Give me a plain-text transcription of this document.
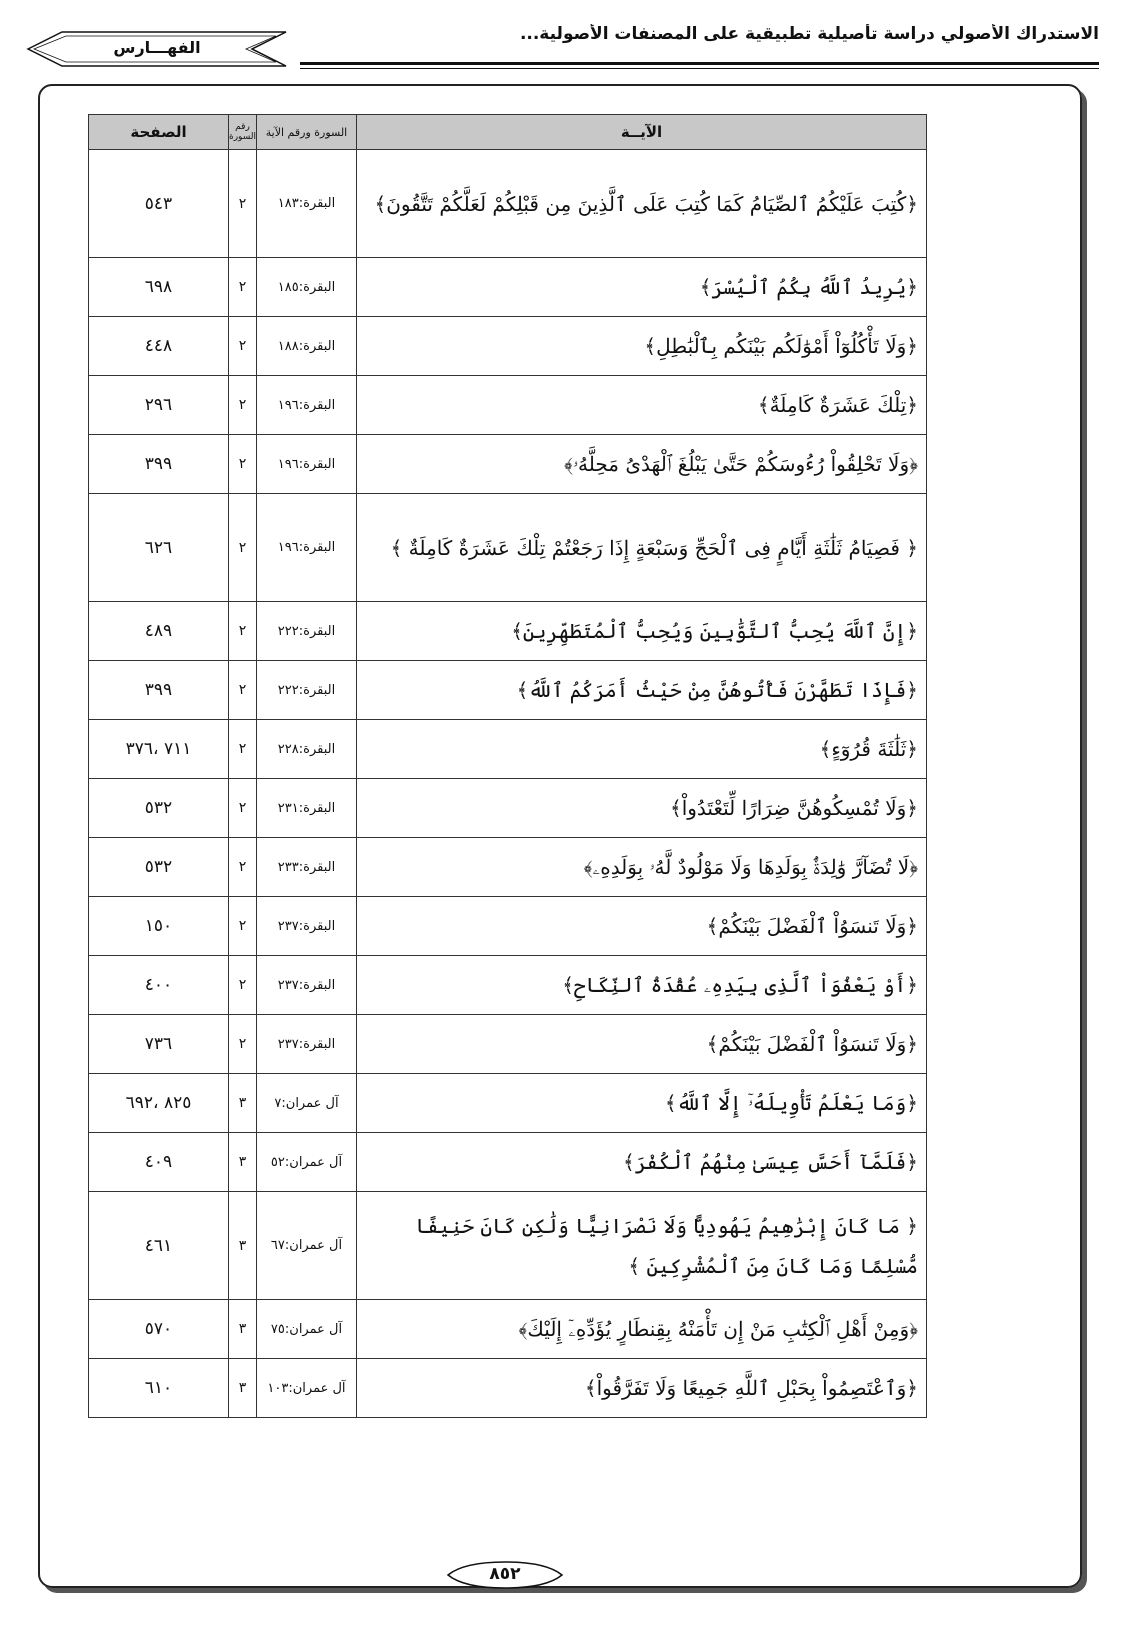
الاستدراك الأصولي دراسة تأصيلية تطبيقية على المصنفات الأصولية...
الفهـــارس
الآيــة	السورة ورقم الآية	رقم السورة	الصفحة
﴿كُتِبَ عَلَيْكُمُ ٱلصِّيَامُ كَمَا كُتِبَ عَلَى ٱلَّذِينَ مِن قَبْلِكُمْ لَعَلَّكُمْ تَتَّقُونَ﴾	البقرة:١٨٣	٢	٥٤٣
﴿يُرِيدُ ٱللَّهُ بِكُمُ ٱلْيُسْرَ﴾	البقرة:١٨٥	٢	٦٩٨
﴿وَلَا تَأْكُلُوٓاْ أَمْوَٰلَكُم بَيْنَكُم بِٱلْبَٰطِلِ﴾	البقرة:١٨٨	٢	٤٤٨
﴿تِلْكَ عَشَرَةٌ كَامِلَةٌ﴾	البقرة:١٩٦	٢	٢٩٦
﴿وَلَا تَحْلِقُواْ رُءُوسَكُمْ حَتَّىٰ يَبْلُغَ ٱلْهَدْىُ مَحِلَّهُۥ﴾	البقرة:١٩٦	٢	٣٩٩
﴿ فَصِيَامُ ثَلَٰثَةِ أَيَّامٍ فِى ٱلْحَجِّ وَسَبْعَةٍ إِذَا رَجَعْتُمْ تِلْكَ عَشَرَةٌ كَامِلَةٌ ﴾	البقرة:١٩٦	٢	٦٢٦
﴿إِنَّ ٱللَّهَ يُحِبُّ ٱلتَّوَّٰبِينَ وَيُحِبُّ ٱلْمُتَطَهِّرِينَ﴾	البقرة:٢٢٢	٢	٤٨٩
﴿فَإِذَا تَطَهَّرْنَ فَأْتُوهُنَّ مِنْ حَيْثُ أَمَرَكُمُ ٱللَّهُ﴾	البقرة:٢٢٢	٢	٣٩٩
﴿ثَلَٰثَةَ قُرُوٓءٍ﴾	البقرة:٢٢٨	٢	٧١١ ،٣٧٦
﴿وَلَا تُمْسِكُوهُنَّ ضِرَارًا لِّتَعْتَدُواْ﴾	البقرة:٢٣١	٢	٥٣٢
﴿لَا تُضَآرَّ وَٰلِدَةٌۢ بِوَلَدِهَا وَلَا مَوْلُودٌ لَّهُۥ بِوَلَدِهِۦ﴾	البقرة:٢٣٣	٢	٥٣٢
﴿وَلَا تَنسَوُاْ ٱلْفَضْلَ بَيْنَكُمْ﴾	البقرة:٢٣٧	٢	١٥٠
﴿أَوْ يَعْفُوَاْ ٱلَّذِى بِيَدِهِۦ عُقْدَةُ ٱلنِّكَاحِ﴾	البقرة:٢٣٧	٢	٤٠٠
﴿وَلَا تَنسَوُاْ ٱلْفَضْلَ بَيْنَكُمْ﴾	البقرة:٢٣٧	٢	٧٣٦
﴿وَمَا يَعْلَمُ تَأْوِيلَهُۥٓ إِلَّا ٱللَّهُ﴾	آل عمران:٧	٣	٨٢٥ ،٦٩٢
﴿فَلَمَّآ أَحَسَّ عِيسَىٰ مِنْهُمُ ٱلْكُفْرَ﴾	آل عمران:٥٢	٣	٤٠٩
﴿ مَا كَانَ إِبْرَٰهِيمُ يَهُودِيًّا وَلَا نَصْرَانِيًّا وَلَٰكِن كَانَ حَنِيفًا مُّسْلِمًا وَمَا كَانَ مِنَ ٱلْمُشْرِكِينَ ﴾	آل عمران:٦٧	٣	٤٦١
﴿وَمِنْ أَهْلِ ٱلْكِتَٰبِ مَنْ إِن تَأْمَنْهُ بِقِنطَارٍ يُؤَدِّهِۦٓ إِلَيْكَ﴾	آل عمران:٧٥	٣	٥٧٠
﴿وَٱعْتَصِمُواْ بِحَبْلِ ٱللَّهِ جَمِيعًا وَلَا تَفَرَّقُواْ﴾	آل عمران:١٠٣	٣	٦١٠
٨٥٢
